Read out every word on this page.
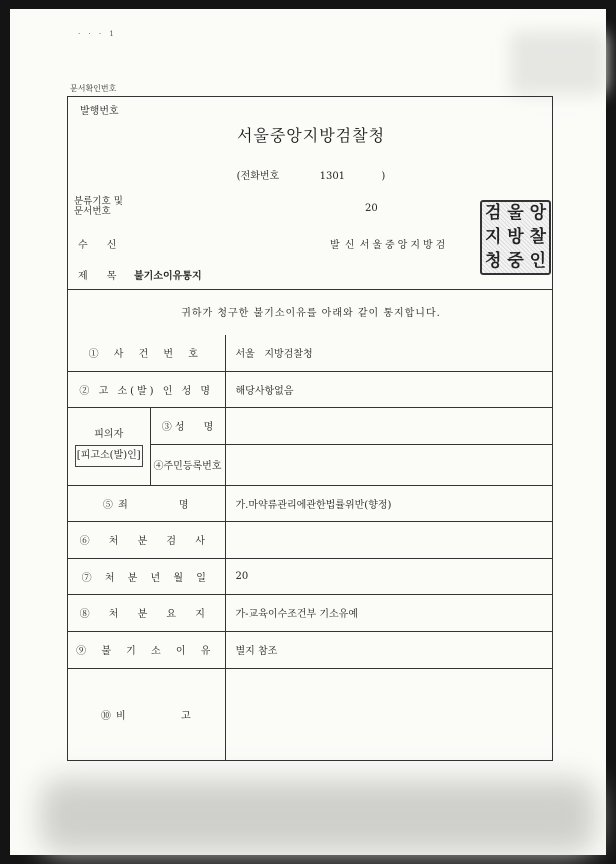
· · · 1
문서확인번호
발행번호
서울중앙지방검찰청
(전화번호	1301	)
분류기호 및
문서번호	20
수      신	발 신 서울중앙지방검
검 울 앙
지 방 찰
청 중 인
제      목 불기소이유통지
귀하가 청구한 불기소이유를 아래와 같이 통지합니다.
① 사 건 번 호		서울   지방검찰청
② 고 소(발) 인 성 명		해당사항없음

피의자
[피고소(발)인]	③ 성      명	
	④주민등록번호	
⑤ 죄            명		가.마약류관리에관한법률위반(향정)
⑥ 처 분 검 사		
⑦ 처 분 년 월 일		20
⑧ 처 분 요 지		가-교육이수조건부 기소유예
⑨ 불 기 소 이 유		별지 참조
⑩ 비             고		
